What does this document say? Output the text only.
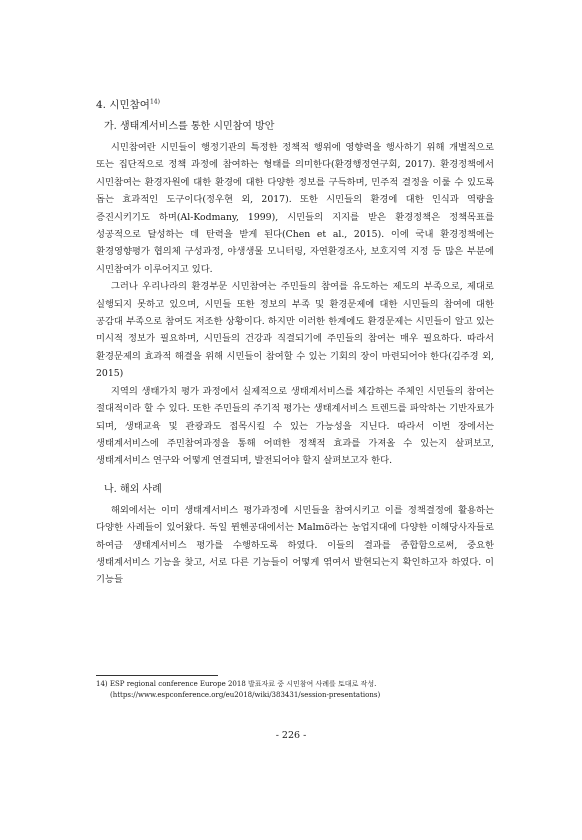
4. 시민참여$^{14)}$
가. 생태계서비스를 통한 시민참여 방안

시민참여란 시민들이 행정기관의 특정한 정책적 행위에 영향력을 행사하기 위해 개별적으로 또는 집단적으로 정책 과정에 참여하는 형태를 의미한다(환경행정연구회, 2017). 환경정책에서 시민참여는 환경자원에 대한 환경에 대한 다양한 정보를 구득하며, 민주적 결정을 이룰 수 있도록 돕는 효과적인 도구이다(정우현 외, 2017). 또한 시민들의 환경에 대한 인식과 역량을 증진시키기도 하며(Al-Kodmany, 1999), 시민들의 지지를 받은 환경정책은 정책목표를 성공적으로 달성하는 데 탄력을 받게 된다(Chen et al., 2015). 이에 국내 환경정책에는 환경영향평가 협의체 구성과정, 야생생물 모니터링, 자연환경조사, 보호지역 지정 등 많은 부분에 시민참여가 이루어지고 있다.

그러나 우리나라의 환경부문 시민참여는 주민들의 참여를 유도하는 제도의 부족으로, 제대로 실행되지 못하고 있으며, 시민들 또한 정보의 부족 및 환경문제에 대한 시민들의 참여에 대한 공감대 부족으로 참여도 저조한 상황이다. 하지만 이러한 한계에도 환경문제는 시민들이 알고 있는 미시적 정보가 필요하며, 시민들의 건강과 직결되기에 주민들의 참여는 매우 필요하다. 따라서 환경문제의 효과적 해결을 위해 시민들이 참여할 수 있는 기회의 장이 마련되어야 한다(김주경 외, 2015)

지역의 생태가치 평가 과정에서 실제적으로 생태계서비스를 체감하는 주체인 시민들의 참여는 절대적이라 할 수 있다. 또한 주민들의 주기적 평가는 생태계서비스 트렌드를 파악하는 기반자료가 되며, 생태교육 및 관광과도 접목시킬 수 있는 가능성을 지닌다. 따라서 이번 장에서는 생태계서비스에 주민참여과정을 통해 어떠한 정책적 효과를 가져올 수 있는지 살펴보고, 생태계서비스 연구와 어떻게 연결되며, 발전되어야 할지 살펴보고자 한다.

나. 해외 사례

해외에서는 이미 생태계서비스 평가과정에 시민들을 참여시키고 이를 정책결정에 활용하는 다양한 사례들이 있어왔다. 독일 뮌헨공대에서는 Malmö라는 농업지대에 다양한 이해당사자들로 하여금 생태계서비스 평가를 수행하도록 하였다. 이들의 결과를 종합함으로써, 중요한 생태계서비스 기능을 찾고, 서로 다른 기능들이 어떻게 엮여서 발현되는지 확인하고자 하였다. 이 기능들

14) ESP regional conference Europe 2018 발표자료 중 시민참여 사례를 토대로 작성.
(https://www.espconference.org/eu2018/wiki/383431/session-presentations)
- 226 -
